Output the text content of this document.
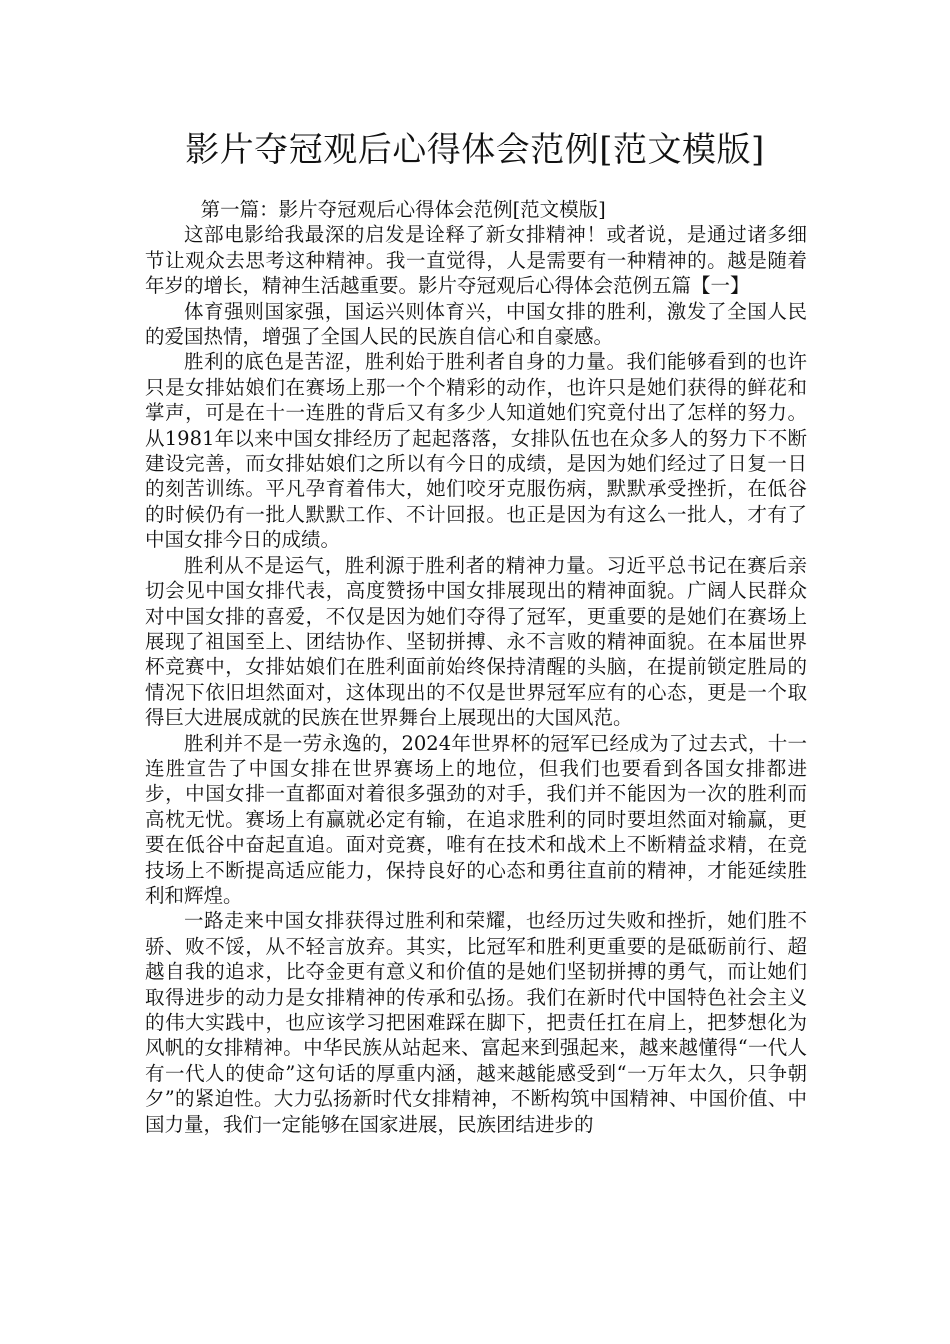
影片夺冠观后心得体会范例[范文模版]

第一篇：影片夺冠观后心得体会范例[范文模版]

这部电影给我最深的启发是诠释了新女排精神！或者说，是通过诸多细节让观众去思考这种精神。我一直觉得，人是需要有一种精神的。越是随着年岁的增长，精神生活越重要。影片夺冠观后心得体会范例五篇【一】

体育强则国家强，国运兴则体育兴，中国女排的胜利，激发了全国人民的爱国热情，增强了全国人民的民族自信心和自豪感。

胜利的底色是苦涩，胜利始于胜利者自身的力量。我们能够看到的也许只是女排姑娘们在赛场上那一个个精彩的动作，也许只是她们获得的鲜花和掌声，可是在十一连胜的背后又有多少人知道她们究竟付出了怎样的努力。从1981年以来中国女排经历了起起落落，女排队伍也在众多人的努力下不断建设完善，而女排姑娘们之所以有今日的成绩，是因为她们经过了日复一日的刻苦训练。平凡孕育着伟大，她们咬牙克服伤病，默默承受挫折，在低谷的时候仍有一批人默默工作、不计回报。也正是因为有这么一批人，才有了中国女排今日的成绩。

胜利从不是运气，胜利源于胜利者的精神力量。习近平总书记在赛后亲切会见中国女排代表，高度赞扬中国女排展现出的精神面貌。广阔人民群众对中国女排的喜爱，不仅是因为她们夺得了冠军，更重要的是她们在赛场上展现了祖国至上、团结协作、坚韧拼搏、永不言败的精神面貌。在本届世界杯竞赛中，女排姑娘们在胜利面前始终保持清醒的头脑，在提前锁定胜局的情况下依旧坦然面对，这体现出的不仅是世界冠军应有的心态，更是一个取得巨大进展成就的民族在世界舞台上展现出的大国风范。

胜利并不是一劳永逸的，2024年世界杯的冠军已经成为了过去式，十一连胜宣告了中国女排在世界赛场上的地位，但我们也要看到各国女排都进步，中国女排一直都面对着很多强劲的对手，我们并不能因为一次的胜利而高枕无忧。赛场上有赢就必定有输，在追求胜利的同时要坦然面对输赢，更要在低谷中奋起直追。面对竞赛，唯有在技术和战术上不断精益求精，在竞技场上不断提高适应能力，保持良好的心态和勇往直前的精神，才能延续胜利和辉煌。

一路走来中国女排获得过胜利和荣耀，也经历过失败和挫折，她们胜不骄、败不馁，从不轻言放弃。其实，比冠军和胜利更重要的是砥砺前行、超越自我的追求，比夺金更有意义和价值的是她们坚韧拼搏的勇气，而让她们取得进步的动力是女排精神的传承和弘扬。我们在新时代中国特色社会主义的伟大实践中，也应该学习把困难踩在脚下，把责任扛在肩上，把梦想化为风帆的女排精神。中华民族从站起来、富起来到强起来，越来越懂得“一代人有一代人的使命”这句话的厚重内涵，越来越能感受到“一万年太久，只争朝夕”的紧迫性。大力弘扬新时代女排精神，不断构筑中国精神、中国价值、中国力量，我们一定能够在国家进展，民族团结进步的
